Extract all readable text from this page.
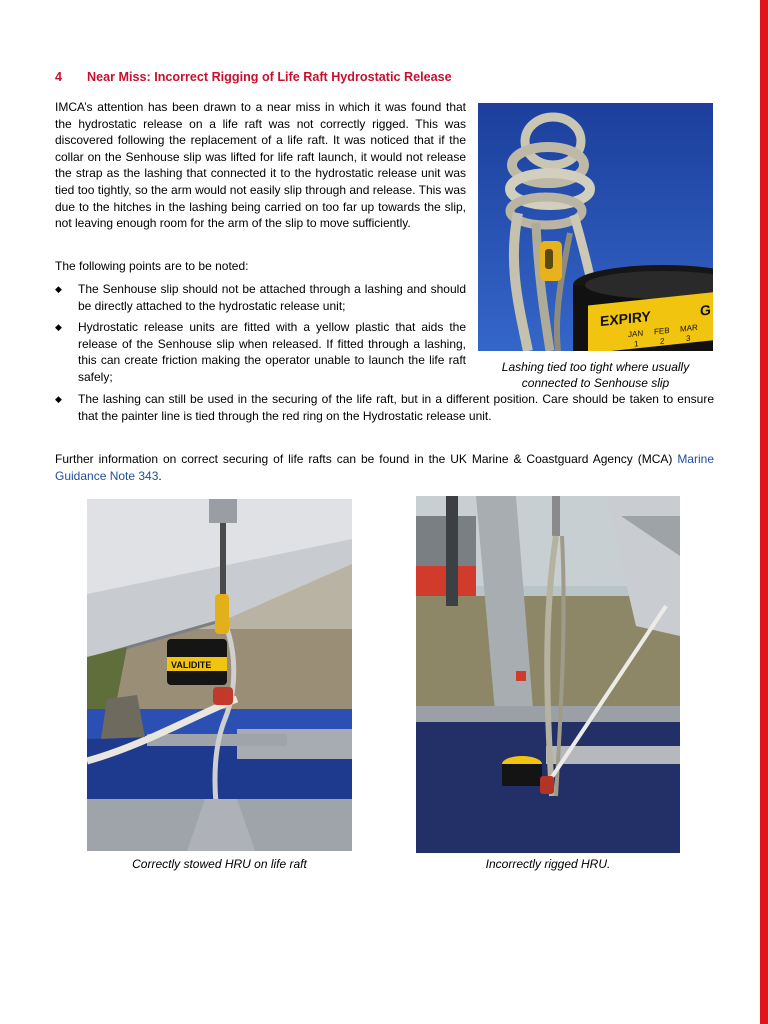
4 Near Miss: Incorrect Rigging of Life Raft Hydrostatic Release

IMCA’s attention has been drawn to a near miss in which it was found that the hydrostatic release on a life raft was not correctly rigged. This was discovered following the replacement of a life raft. It was noticed that if the collar on the Senhouse slip was lifted for life raft launch, it would not release the strap as the lashing that connected it to the hydrostatic release unit was tied too tightly, so the arm would not easily slip through and release. This was due to the hitches in the lashing being carried on too far up towards the slip, not leaving enough room for the arm of the slip to move sufficiently.

The following points are to be noted:

◆ The Senhouse slip should not be attached through a lashing and should be directly attached to the hydrostatic release unit;
◆ Hydrostatic release units are fitted with a yellow plastic that aids the release of the Senhouse slip when released. If fitted through a lashing, this can create friction making the operator unable to launch the life raft safely;
◆ The lashing can still be used in the securing of the life raft, but in a different position. Care should be taken to ensure that the painter line is tied through the red ring on the Hydrostatic release unit.

Further information on correct securing of life rafts can be found in the UK Marine & Coastguard Agency (MCA) Marine Guidance Note 343.

EXPIRY	G
JAN FEB MAR
1	2	3
Lashing tied too tight where usually connected to Senhouse slip
VALIDITE
Correctly stowed HRU on life raft	Incorrectly rigged HRU.
